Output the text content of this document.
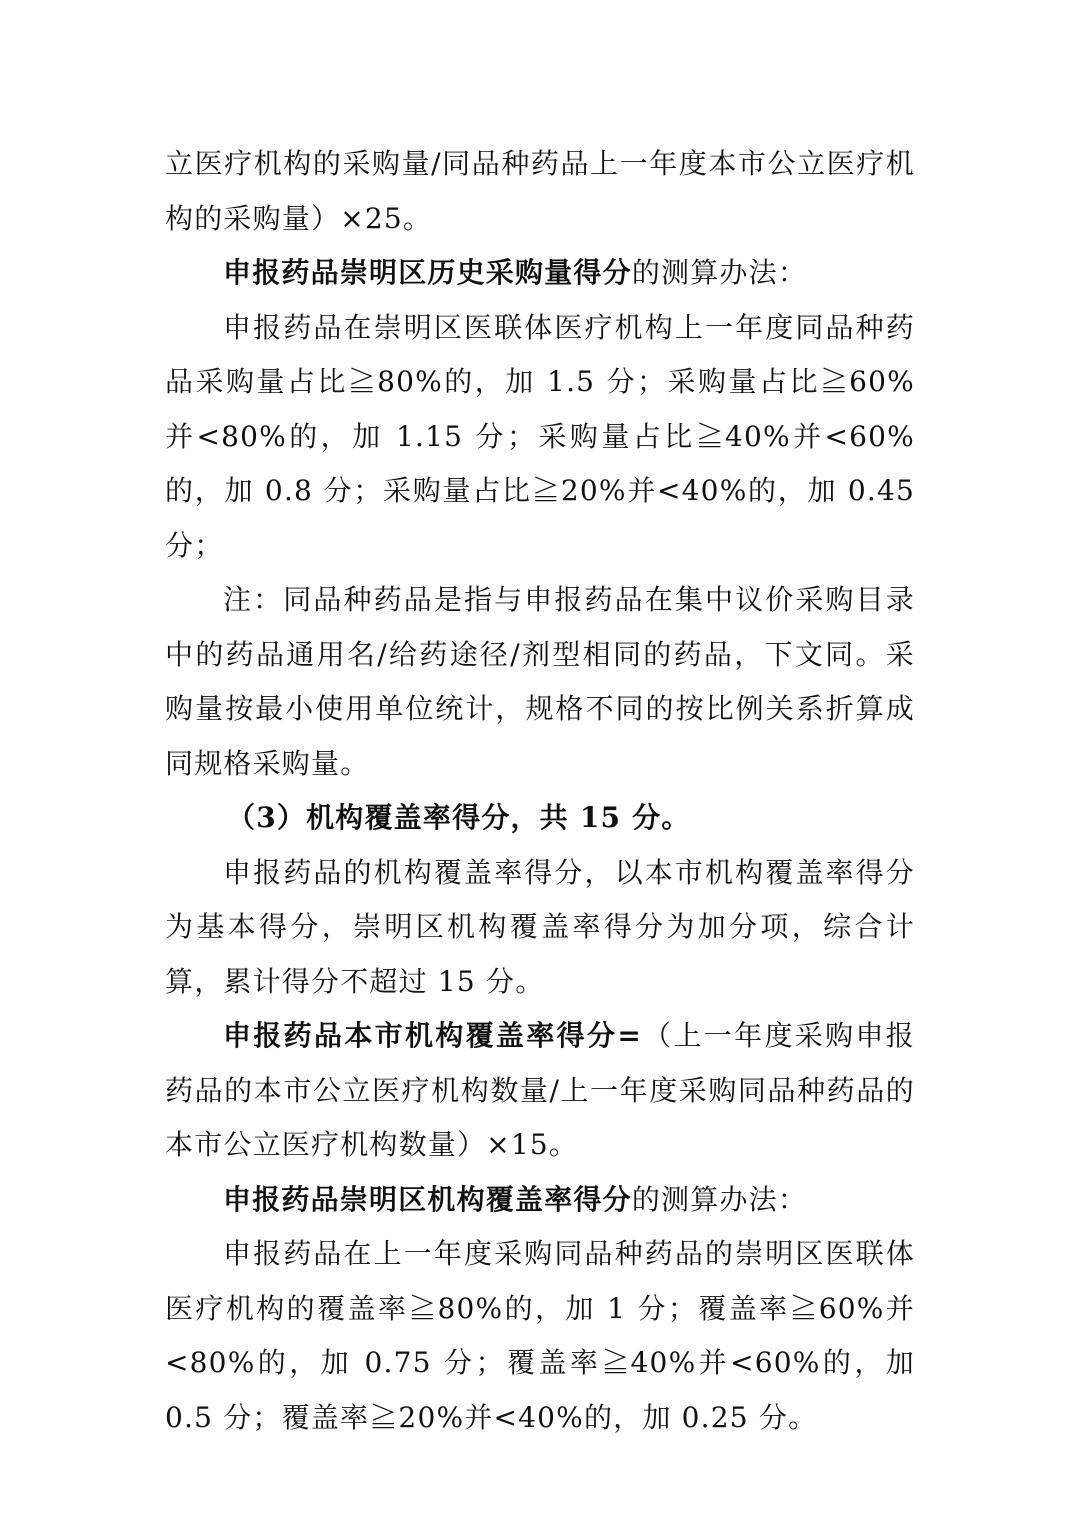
立医疗机构的采购量/同品种药品上一年度本市公立医疗机构的采购量）×25。

申报药品崇明区历史采购量得分的测算办法：

申报药品在崇明区医联体医疗机构上一年度同品种药品采购量占比≧80%的，加 1.5 分；采购量占比≧60%并<80%的，加 1.15 分；采购量占比≧40%并<60%的，加 0.8 分；采购量占比≧20%并<40%的，加 0.45 分；

注：同品种药品是指与申报药品在集中议价采购目录中的药品通用名/给药途径/剂型相同的药品，下文同。采购量按最小使用单位统计，规格不同的按比例关系折算成同规格采购量。

（3）机构覆盖率得分，共 15 分。

申报药品的机构覆盖率得分，以本市机构覆盖率得分为基本得分，崇明区机构覆盖率得分为加分项，综合计算，累计得分不超过 15 分。

申报药品本市机构覆盖率得分=（上一年度采购申报药品的本市公立医疗机构数量/上一年度采购同品种药品的本市公立医疗机构数量）×15。

申报药品崇明区机构覆盖率得分的测算办法：

申报药品在上一年度采购同品种药品的崇明区医联体医疗机构的覆盖率≧80%的，加 1 分；覆盖率≧60%并<80%的，加 0.75 分；覆盖率≧40%并<60%的，加 0.5 分；覆盖率≧20%并<40%的，加 0.25 分。
